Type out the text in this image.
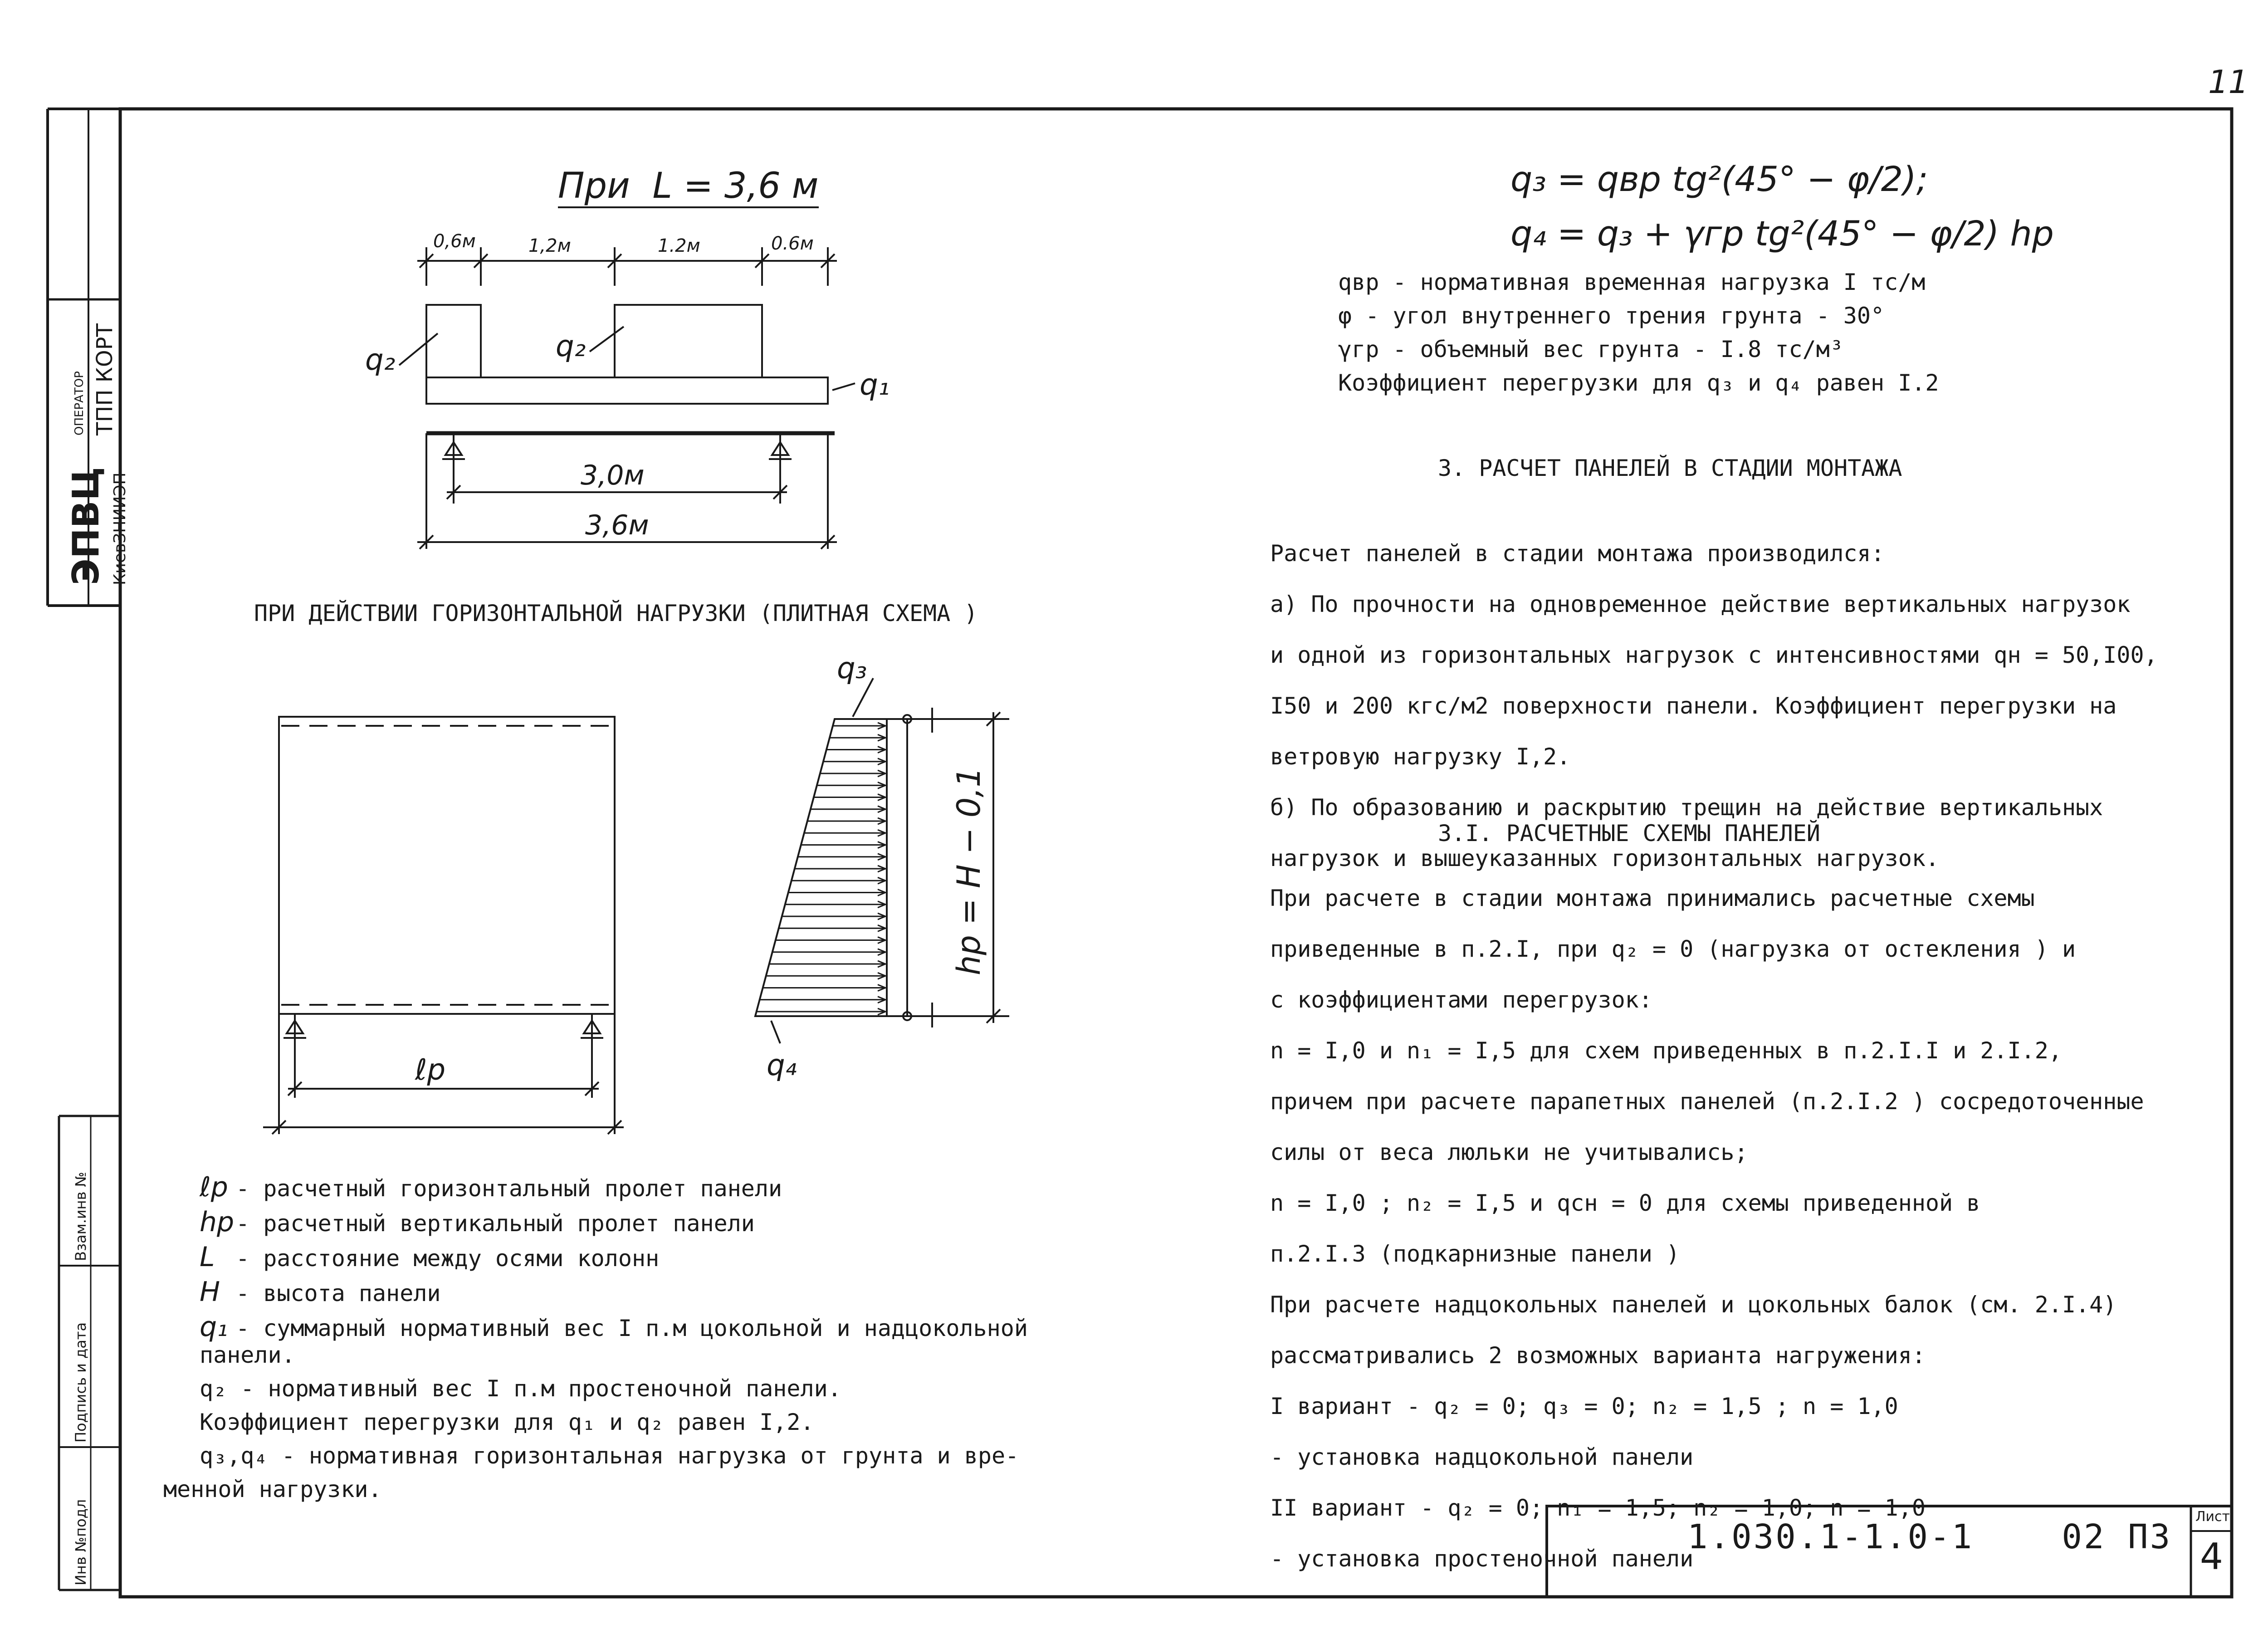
11
ЭПВЦ КиевЗНИИЭП
ОПЕРАТОР ТПП КОРТ
Инв №подл
Подпись и дата
Взам.инв №
1.030.1-1.0-1    02 ПЗ
Лист
4
При  L = 3,6 м
0,6м	1,2м	1.2м	0.6м
q₂	q₂
q₁
3,0м
3,6м
ПРИ ДЕЙСТВИИ ГОРИЗОНТАЛЬНОЙ НАГРУЗКИ (ПЛИТНАЯ СХЕМА )
q₃
q₄
ℓp
hp = H − 0,1
ℓр - расчетный горизонтальный пролет панели
hр- расчетный вертикальный пролет панели
L - расстояние между осями колонн
H - высота панели
q₁ - суммарный нормативный вес I п.м цокольной и надцокольной
панели.
q₂ - нормативный вес I п.м простеночной панели.
Коэффициент перегрузки для q₁ и q₂ равен I,2.
q₃,q₄ - нормативная горизонтальная нагрузка от грунта и вре-
менной нагрузки.
q₃ = qвр tg²(45° − φ/2);
q₄ = q₃ + γгр tg²(45° − φ/2) hр
qвр - нормативная временная нагрузка I тс/м
φ - угол внутреннего трения грунта - 30°
γгр - объемный вес грунта - I.8 тс/м³
Коэффициент перегрузки для q₃ и q₄ равен I.2
3. РАСЧЕТ ПАНЕЛЕЙ В СТАДИИ МОНТАЖА

Расчет панелей в стадии монтажа производился:

а) По прочности на одновременное действие вертикальных нагрузок

и одной из горизонтальных нагрузок с интенсивностями qн = 50,I00,

I50 и 200 кгс/м2 поверхности панели. Коэффициент перегрузки на

ветровую нагрузку I,2.

б) По образованию и раскрытию трещин на действие вертикальных

нагрузок и вышеуказанных горизонтальных нагрузок.

3.I. РАСЧЕТНЫЕ СХЕМЫ ПАНЕЛЕЙ

При расчете в стадии монтажа принимались расчетные схемы

приведенные в п.2.I, при q₂ = 0 (нагрузка от остекления ) и

с коэффициентами перегрузок:

n = I,0 и n₁ = I,5 для схем приведенных в п.2.I.I и 2.I.2,

причем при расчете парапетных панелей (п.2.I.2 ) сосредоточенные

силы от веса люльки не учитывались;

n = I,0 ; n₂ = I,5 и qсн = 0 для схемы приведенной в

п.2.I.3 (подкарнизные панели )

При расчете надцокольных панелей и цокольных балок (см. 2.I.4)

рассматривались 2 возможных варианта нагружения:

I вариант - q₂ = 0; q₃ = 0; n₂ = 1,5 ; n = 1,0

- установка надцокольной панели

II вариант - q₂ = 0; n₁ = 1,5; n₂ = 1,0; n = 1,0

- установка простеночной панели
